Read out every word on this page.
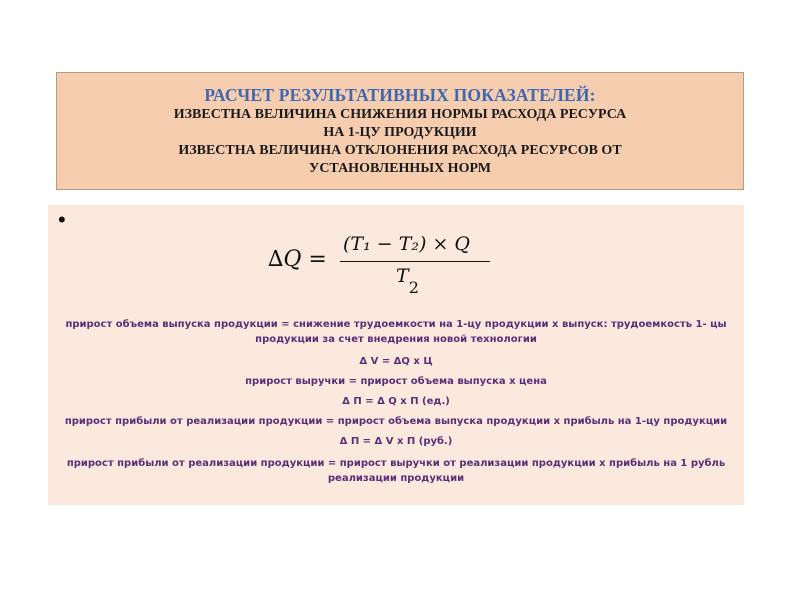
РАСЧЕТ РЕЗУЛЬТАТИВНЫХ ПОКАЗАТЕЛЕЙ:
ИЗВЕСТНА ВЕЛИЧИНА СНИЖЕНИЯ НОРМЫ РАСХОДА РЕСУРСА
НА 1-ЦУ ПРОДУКЦИИ
ИЗВЕСТНА ВЕЛИЧИНА ОТКЛОНЕНИЯ РАСХОДА РЕСУРСОВ ОТ
УСТАНОВЛЕННЫХ НОРМ
•
∆Q =
(T₁ − T₂) × Q
$T_2$

прирост объема выпуска продукции = снижение трудоемкости на 1-цу продукции х выпуск: трудоемкость 1- цы продукции за счет внедрения новой технологии

Δ V = ΔQ х Ц

прирост выручки = прирост объема выпуска х цена

Δ П = Δ Q х П (ед.)

прирост прибыли от реализации продукции = прирост объема выпуска продукции х прибыль на 1-цу продукции

Δ П = Δ V х П (руб.)

прирост прибыли от реализации продукции = прирост выручки от реализации продукции х прибыль на 1 рубль реализации продукции
